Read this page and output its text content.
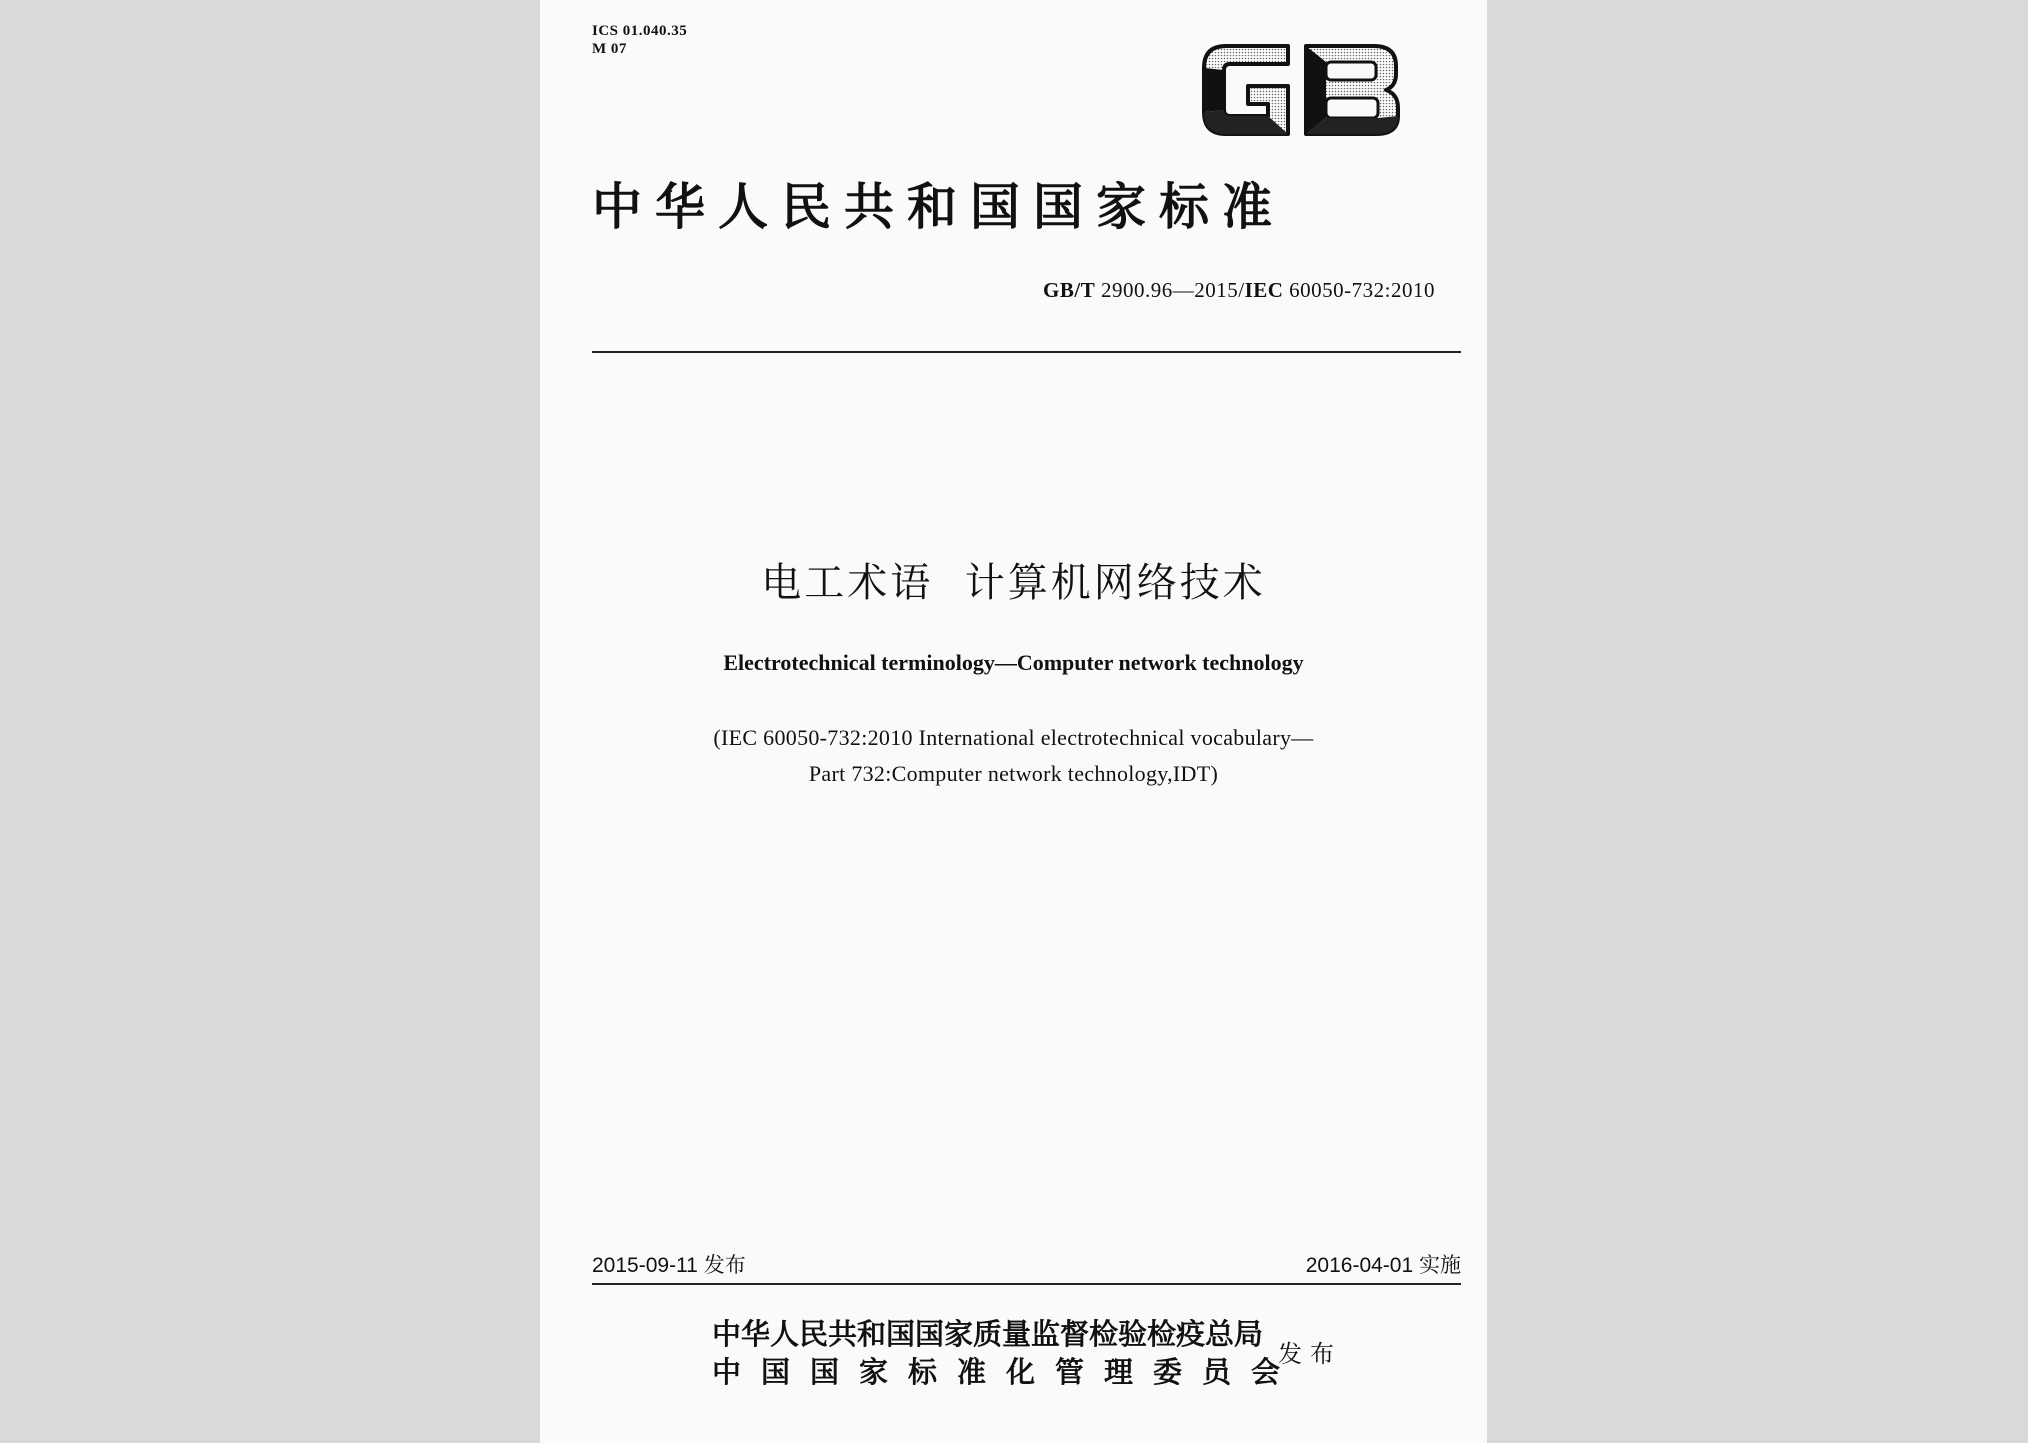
ICS 01.040.35
M 07
中华人民共和国国家标准
GB/T 2900.96—2015/IEC 60050-732:2010
电工术语  计算机网络技术
Electrotechnical terminology—Computer network technology
(IEC 60050-732:2010 International electrotechnical vocabulary—
Part 732:Computer network technology,IDT)
2015-09-11 发布	2016-04-01 实施
中华人民共和国国家质量监督检验检疫总局
中国国家标准化管理委员会
发布
